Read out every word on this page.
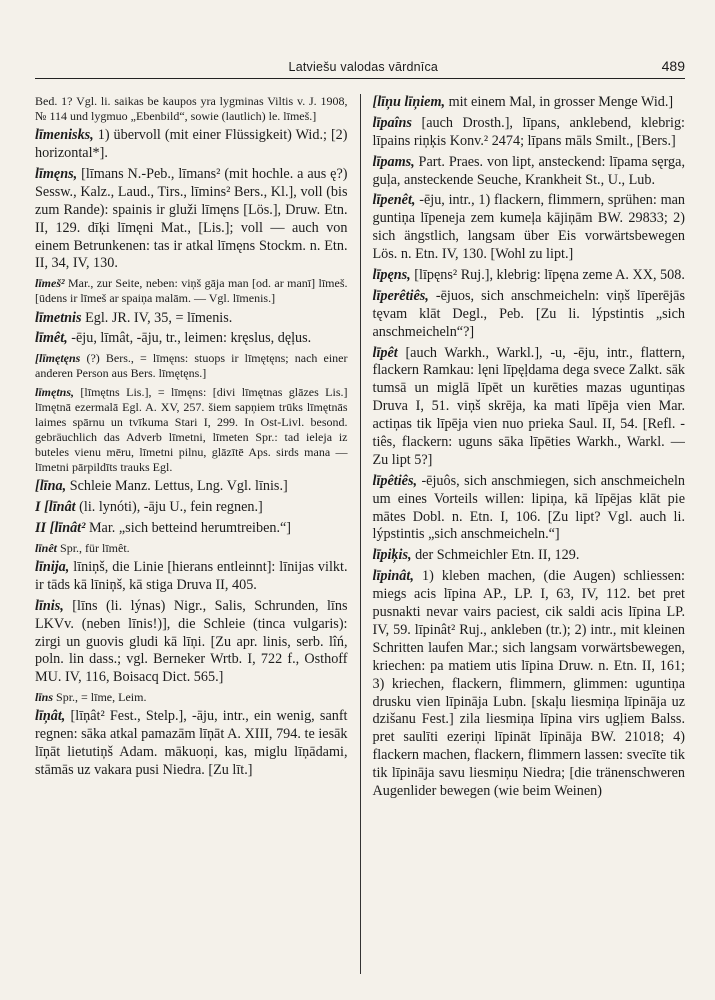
Latviešu valodas vārdnīca	489

Bed. 1? Vgl. li. saikas be kaupos yra lygminas Viltis v. J. 1908, № 114 und lygmuo „Ebenbild“, sowie (lautlich) le. līmeš.]

līmenisks, 1) übervoll (mit einer Flüssigkeit) Wid.; [2) horizontal*].

līmęns, [līmans N.-Peb., līmans² (mit hochle. a aus ę?) Sessw., Kalz., Laud., Tirs., līmins² Bers., Kl.], voll (bis zum Rande): spainis ir gluži līmęns [Lös.], Druw. Etn. II, 129. dīķi līmęni Mat., [Lis.]; voll — auch von einem Betrunkenen: tas ir atkal līmęns Stockm. n. Etn. II, 34, IV, 130.

līmeš² Mar., zur Seite, neben: viņš gāja man [od. ar manī] līmeš. [ūdens ir līmeš ar spaiņa malām. — Vgl. līmenis.]

līmetnis Egl. JR. IV, 35, = līmenis.

līmêt, -ēju, līmât, -āju, tr., leimen: kręslus, dęļus.

[līmętęns (?) Bers., = līmęns: stuops ir līmętęns; nach einer anderen Person aus Bers. līmętęns.]

līmętns, [līmętns Lis.], = līmęns: [divi līmętnas glāzes Lis.] līmętnā ezermalā Egl. A. XV, 257. šiem sapņiem trūks līmętnās laimes spārnu un tvīkuma Stari I, 299. In Ost-Livl. besond. gebräuchlich das Adverb līmetni, līmeten Spr.: tad ieleja iz buteles vienu mēru, līmetni pilnu, glāzītē Aps. sirds mana — līmetni pārpildīts trauks Egl.

[līna, Schleie Manz. Lettus, Lng. Vgl. līnis.]

I [līnât (li. lynóti), -āju U., fein regnen.]

II [līnât² Mar. „sich betteind herumtreiben.“]

līnêt Spr., für līmêt.

līnija, līniņš, die Linie [hierans entleinnt]: līnijas vilkt. ir tāds kā līniņš, kā stiga Druva II, 405.

līnis, [līns (li. lýnas) Nigr., Salis, Schrunden, līns LKVv. (neben līnis!)], die Schleie (tinca vulgaris): zirgi un guovis gludi kā līņi. [Zu apr. linis, serb. lîń, poln. lin dass.; vgl. Berneker Wrtb. I, 722 f., Osthoff MU. IV, 116, Boisacq Dict. 565.]

līns Spr., = līme, Leim.

līņât, [līņât² Fest., Stelp.], -āju, intr., ein wenig, sanft regnen: sāka atkal pamazām līņāt A. XIII, 794. te iesāk līņāt lietutiņš Adam. mākuoņi, kas, miglu līņādami, stāmās uz vakara pusi Niedra. [Zu līt.]

[līņu līņiem, mit einem Mal, in grosser Menge Wid.]

līpaîns [auch Drosth.], līpans, anklebend, klebrig: līpains riņķis Konv.² 2474; līpans māls Smilt., [Bers.]

līpams, Part. Praes. von lipt, ansteckend: līpama sęrga, guļa, ansteckende Seuche, Krankheit St., U., Lub.

līpenêt, -ēju, intr., 1) flackern, flimmern, sprühen: man guntiņa līpeneja zem kumeļa kājiņām BW. 29833; 2) sich ängstlich, langsam über Eis vorwärtsbewegen Lös. n. Etn. IV, 130. [Wohl zu lipt.]

līpęns, [līpęns² Ruj.], klebrig: līpęna zeme A. XX, 508.

līperêtiês, -ējuos, sich anschmeicheln: viņš līperējās tęvam klāt Degl., Peb. [Zu li. lýpstintis „sich anschmeicheln“?]

līpêt [auch Warkh., Warkl.], -u, -ēju, intr., flattern, flackern Ramkau: lęni līpęļdama dega svece Zalkt. sāk tumsā un miglā līpēt un kurēties mazas uguntiņas Druva I, 51. viņš skrēja, ka mati līpēja vien Mar. actiņas tik līpēja vien nuo prieka Saul. II, 54. [Refl. -tiês, flackern: uguns sāka līpēties Warkh., Warkl. — Zu lipt 5?]

līpêtiês, -ējuôs, sich anschmiegen, sich anschmeicheln um eines Vorteils willen: lipiņa, kā līpējas klāt pie mātes Dobl. n. Etn. I, 106. [Zu lipt? Vgl. auch li. lýpstintis „sich anschmeicheln.“]

līpiķis, der Schmeichler Etn. II, 129.

līpinât, 1) kleben machen, (die Augen) schliessen: miegs acis līpina AP., LP. I, 63, IV, 112. bet pret pusnakti nevar vairs paciest, cik saldi acis līpina LP. IV, 59. līpinât² Ruj., ankleben (tr.); 2) intr., mit kleinen Schritten laufen Mar.; sich langsam vorwärtsbewegen, kriechen: pa matiem utis līpina Druw. n. Etn. II, 161; 3) kriechen, flackern, flimmern, glimmen: uguntiņa drusku vien līpināja Lubn. [skaļu liesmiņa līpināja uz dzišanu Fest.] zila liesmiņa līpina virs ugļiem Balss. pret saulīti ezeriņi līpināt līpināja BW. 21018; 4) flackern machen, flackern, flimmern lassen: svecīte tik tik līpināja savu liesmiņu Niedra; [die tränenschweren Augenlider bewegen (wie beim Weinen)
